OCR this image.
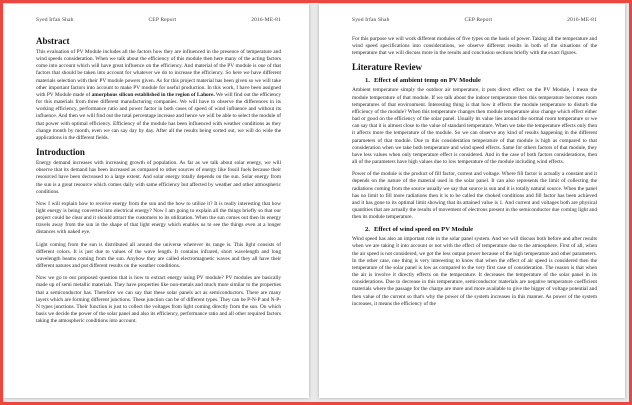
Syed Irfan Shah	CEP Report	2016-ME-81
Abstract
This evaluation of PV Module includes all the factors how they are influenced in the presence of temperature and wind speeds consideration. When we talk about the efficiency of this module then here many of the acting factors come into account which will have great influence on the efficiency. And material of the PV module is one of that factors that should be taken into account for whatever we do to increase the efficiency. So here we have different materials selection with their PV module powers given. As for this project material has been given so we will take other important factors into account to make PV module for useful production. In this work, I have been assigned with PV Module made of amorphous silicon established in the region of Lahore. We will find out the efficiency for this materials from three different manufacturing companies. We will have to observe the differences in its working efficiency, performance ratio and power factor in both cases of speed of wind influence and without its influence. And then we will find out the total percentage increase and hence we will be able to select the module of that power with optimal efficiency. Efficiency of the module has been influenced with weather conditions as they change month by month, even we can say day by day. After all the results being sorted out, we will do wide the applications in the different fields.
Introduction
Energy demand increases with increasing growth of population. As far as we talk about solar energy, we will observe that its demand has been increased as compared to other sources of energy like fossil fuels because their resourced have been decreased to a large extent. And solar energy totally depends on the sun. Solar energy from the sun is a great resource which comes daily with same efficiency but affected by weather and other atmospheric conditions.
Now I will explain how to receive energy from the sun and the how to utilize it? It is really interesting that how light energy is being converted into electrical energy? Now I am going to explain all the things briefly so that our project could be clear and it should attract the customers to its utilization. When the sun comes out then its energy travels away from the sun in the shape of that light energy which enables us to see the things even at a longer distances with naked eye.
Light coming from the sun is distributed all around the universe wherever its range is. This light consists of different colors. It is just due to values of the wave length. It contains infrared, short wavelength and long wavelength beams coming from the sun. Anyhow they are called electromagnetic waves and they all have their different natures and put different results on the weather conditions.
Now we go to our proposed question that is how to extract energy using PV module? PV modules are basically made up of semi metallic materials. They have properties like non-metals and much more similar to the properties that a semiconductor has. Therefore we can say that these solar panels act as semiconductors. There are many layers which are forming different junctions. These junction can be of different types. They can be P-N-P and N-P-N types junctions. Their function is just to collect the voltages from light coming directly from the sun. On which basis we decide the power of the solar panel and also its efficiency, performance ratio and all other required factors taking the atmospheric conditions into account.
Syed Irfan Shah	CEP Report	2016-ME-81
For this purpose we will work different modules of five types on the basis of power. Taking all the temperature and wind speed specifications into considerations, we observe different results in both of the situations of the temperature that we will discuss more in the results and conclusion sections briefly with the exact figures.
Literature Review
1. Effect of ambient temp on PV Module
Ambient temperature simply the outdoor air temperature, it puts direct effect on the PV Module, I mean the module temperature of that module. If we talk about the indoor temperature then this temperature becomes room temperatures of that environment. Interesting thing is that how it effects the module temperature to disturb the efficiency of the module? When this temperature changes then module temperature also change which effect either bad or good on the efficiency of the solar panel. Usually its value lies around the normal room temperature or we can say that it is almost close to the value of standard temperature. When we take the temperature effects only then it affects more the temperature of the module. So we can observe any kind of results happening in the different parameters of that module. Due to this consideration temperature of that module is high as compared to that consideration when we take both temperature and wind speed effects. Same for others factors of that module, they have less values when only temperature effect is considered. And in the case of both factors considerations, then all of the parameters have high values due to low temperature of the module including wind effects.
Power of the module is the product of fill factor, current and voltage. Where fill factor is actually a constant and it depends on the nature of the material used in the solar panel. It can also represents the limit of collecting the radiations coming from the source usually we say that source is sun and it is totally natural source. When the panel has no limit to fill more radiations then it is to be called the choked conditions and fill factor has been achieved and it has gone to its optimal limit showing that its attained value is 1. And current and voltages both are physical quantities that are actually the results of movement of electrons present in the semiconductor due coming light and then its module temperature.
2. Effect of wind speed on PV Module
Wind speed has also an important role in the solar panel system. And we will discuss both before and after results when we are taking it into account or not with the effect of temperature due to the atmosphere. First of all, when the air speed is not considered, we got the less output power because of the high temperature and other parameters. In the other case, one thing is very interesting to know that when the effect of air speed is considered then the temperature of the solar panel is low as compared to the very first case of consideration. The reason is that when the air is involve it directly effects on the temperature. It decreases the temperature of the solar panel in its considerations. Due to decrease in this temperature, semiconductor materials are negative temperature coefficient materials where the passage for the charge are more and more available to give the bigger of voltage potential and then value of the current so that's why the power of the system increases in this manner. As power of the system increases, it means the efficiency of the
